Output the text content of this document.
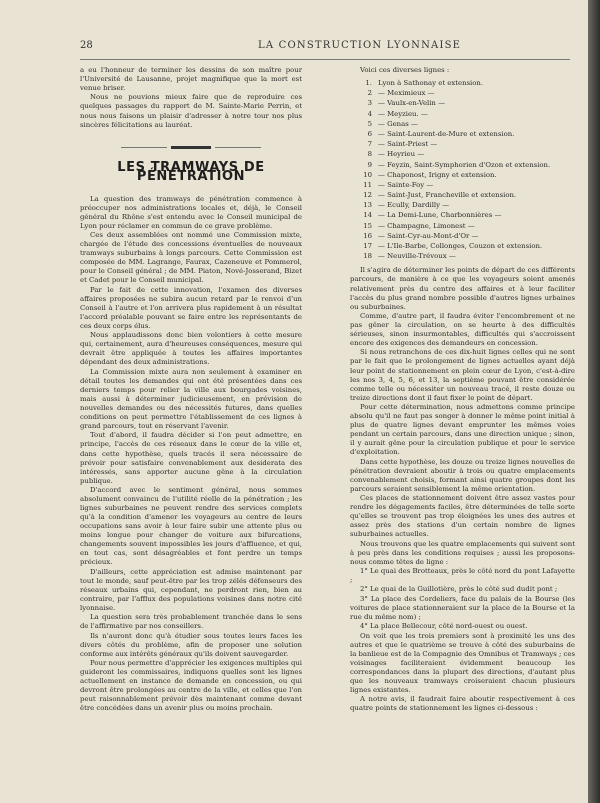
28	LA CONSTRUCTION LYONNAISE

a eu l'honneur de terminer les dessins de son maître pour l'Université de Lausanne, projet magnifique que la mort est venue briser.

Nous ne pouvions mieux faire que de reproduire ces quelques passages du rapport de M. Sainte-Marie Perrin, et nous nous faisons un plaisir d'adresser à notre tour nos plus sincères félicitations au lauréat.

LES TRAMWAYS DE PÉNÉTRATION

La question des tramways de pénétration commence à préoccuper nos administrations locales et, déjà, le Conseil général du Rhône s'est entendu avec le Conseil municipal de Lyon pour réclamer en commun de ce grave problème.

Ces deux assemblées ont nommé une Commission mixte, chargée de l'étude des concessions éventuelles de nouveaux tramways suburbains à longs parcours. Cette Commission est composée de MM. Lagrange, Faurax, Cazeneuve et Pommerol, pour le Conseil général ; de MM. Piaton, Nové-Josserand, Bizet et Cadet pour le Conseil municipal.

Par le fait de cette innovation, l'examen des diverses affaires proposées ne subira aucun retard par le renvoi d'un Conseil à l'autre et l'on arrivera plus rapidement à un résultat l'accord préalable pouvant se faire entre les représentants de ces deux corps élus.

Nous applaudissons donc bien volontiers à cette mesure qui, certainement, aura d'heureuses conséquences, mesure qui devrait être appliquée à toutes les affaires importantes dépendant des deux administrations.

La Commission mixte aura non seulement à examiner en détail toutes les demandes qui ont été présentées dans ces derniers temps pour relier la ville aux bourgades voisines, mais aussi à déterminer judicieusement, en prévision de nouvelles demandes ou des nécessités futures, dans quelles conditions on peut permettre l'établissement de ces lignes à grand parcours, tout en réservant l'avenir.

Tout d'abord, il faudra décider si l'on peut admettre, en principe, l'accès de ces réseaux dans le cœur de la ville et, dans cette hypothèse, quels tracés il sera nécessaire de prévoir pour satisfaire convenablement aux desiderata des intéressés, sans apporter aucune gêne à la circulation publique.

D'accord avec le sentiment général, nous sommes absolument convaincu de l'utilité réelle de la pénétration ; les lignes suburbaines ne peuvent rendre des services complets qu'à la condition d'amener les voyageurs au centre de leurs occupations sans avoir à leur faire subir une attente plus ou moins longue pour changer de voiture aux bifurcations, changements souvent impossibles les jours d'affluence, et qui, en tout cas, sont désagréables et font perdre un temps précieux.

D'ailleurs, cette appréciation est admise maintenant par tout le monde, sauf peut-être par les trop zélés défenseurs des réseaux urbains qui, cependant, ne perdront rien, bien au contraire, par l'afflux des populations voisines dans notre cité lyonnaise.

La question sera très probablement tranchée dans le sens de l'affirmative par nos conseillers.

Ils n'auront donc qu'à étudier sous toutes leurs faces les divers côtés du problème, afin de proposer une solution conforme aux intérêts généraux qu'ils doivent sauvegarder.

Pour nous permettre d'apprécier les exigences multiples qui guideront les commissaires, indiquons quelles sont les lignes actuellement en instance de demande en concession, ou qui devront être prolongées au centre de la ville, et celles que l'on peut raisonnablement prévoir dès maintenant comme devant être concédées dans un avenir plus ou moins prochain.

Voici ces diverses lignes :

1. Lyon à Sathonay et extension.
2 — Meximieux —
3 — Vaulx-en-Velin —
4 — Meyzieu. —
5 — Genas —
6 — Saint-Laurent-de-Mure et extension.
7 — Saint-Priest —
8 — Heyrieu —
9 — Feyzin, Saint-Symphorien d'Ozon et extension.
10 — Chaponost, Irigny et extension.
11 — Sainte-Foy —
12 — Saint-Just, Francheville et extension.
13 — Ecully, Dardilly —
14 — La Demi-Lune, Charbonnières —
15 — Champagne, Limonest —
16 — Saint-Cyr-au-Mont-d'Or —
17 — L'Ile-Barbe, Collonges, Couzon et extension.
18 — Neuville-Trévoux —

Il s'agira de déterminer les points de départ de ces différents parcours, de manière à ce que les voyageurs soient amenés relativement près du centre des affaires et à leur faciliter l'accès du plus grand nombre possible d'autres lignes urbaines ou suburbaines.

Comme, d'autre part, il faudra éviter l'encombrement et ne pas gêner la circulation, on se heurte à des difficultés sérieuses, sinon insurmontables, difficultés qui s'accroissent encore des exigences des demandeurs en concession.

Si nous retranchons de ces dix-huit lignes celles qui ne sont par le fait que le prolongement de lignes actuelles ayant déjà leur point de stationnement en plein cœur de Lyon, c'est-à-dire les nos 3, 4, 5, 6, et 13, la septième pouvant être considérée comme telle ou nécessiter un nouveau tracé, il reste douze ou treize directions dont il faut fixer le point de départ.

Pour cette détermination, nous admettons comme principe absolu qu'il ne faut pas songer à donner le même point initial à plus de quatre lignes devant emprunter les mêmes voies pendant un certain parcours, dans une direction unique ; sinon, il y aurait gêne pour la circulation publique et pour le service d'exploitation.

Dans cette hypothèse, les douze ou treize lignes nouvelles de pénétration devraient aboutir à trois ou quatre emplacements convenablement choisis, formant ainsi quatre groupes dont les parcours seraient sensiblement la même orientation.

Ces places de stationnement doivent être assez vastes pour rendre les dégagements faciles, être déterminées de telle sorte qu'elles se trouvent pas trop éloignées les unes des autres et assez près des stations d'un certain nombre de lignes suburbaines actuelles.

Nous trouvons que les quatre emplacements qui suivent sont à peu près dans les conditions requises ; aussi les proposons-nous comme têtes de ligne :

1° Le quai des Brotteaux, près le côté nord du pont Lafayette ;

2° Le quai de la Guillotière, près le côté sud dudit pont ;

3° La place des Cordeliers, face du palais de la Bourse (les voitures de place stationneraient sur la place de la Bourse et la rue du même nom) ;

4° La place Bellecour, côté nord-ouest ou ouest.

On voit que les trois premiers sont à proximité les uns des autres et que le quatrième se trouve à côté des suburbains de la banlieue est de la Compagnie des Omnibus et Tramways ; ces voisinages faciliteraient évidemment beaucoup les correspondances dans la plupart des directions, d'autant plus que les nouveaux tramways croiseraient chacun plusieurs lignes existantes.

A notre avis, il faudrait faire aboutir respectivement à ces quatre points de stationnement les lignes ci-dessous :
